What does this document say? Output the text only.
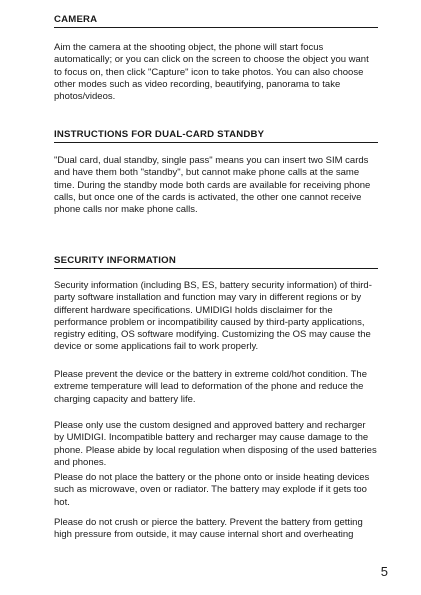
CAMERA

Aim the camera at the shooting object, the phone will start focus automatically; or you can click on the screen to choose the object you want to focus on, then click "Capture" icon to take photos. You can also choose other modes such as video recording, beautifying, panorama to take photos/videos.

INSTRUCTIONS FOR DUAL-CARD STANDBY

"Dual card, dual standby, single pass" means you can insert two SIM cards and have them both "standby", but cannot make phone calls at the same time. During the standby mode both cards are available for receiving phone calls, but once one of the cards is activated, the other one cannot receive phone calls nor make phone calls.

SECURITY INFORMATION

Security information (including BS, ES, battery security information) of third-party software installation and function may vary in different regions or by different hardware specifications. UMIDIGI holds disclaimer for the performance problem or incompatibility caused by third-party applications, registry editing, OS software modifying. Customizing the OS may cause the device or some applications fail to work properly.

Please prevent the device or the battery in extreme cold/hot condition. The extreme temperature will lead to deformation of the phone and reduce the charging capacity and battery life.

Please only use the custom designed and approved battery and recharger by UMIDIGI. Incompatible battery and recharger may cause damage to the phone. Please abide by local regulation when disposing of the used batteries and phones.

Please do not place the battery or the phone onto or inside heating devices such as microwave, oven or radiator. The battery may explode if it gets too hot.

Please do not crush or pierce the battery. Prevent the battery from getting high pressure from outside, it may cause internal short and overheating

5
